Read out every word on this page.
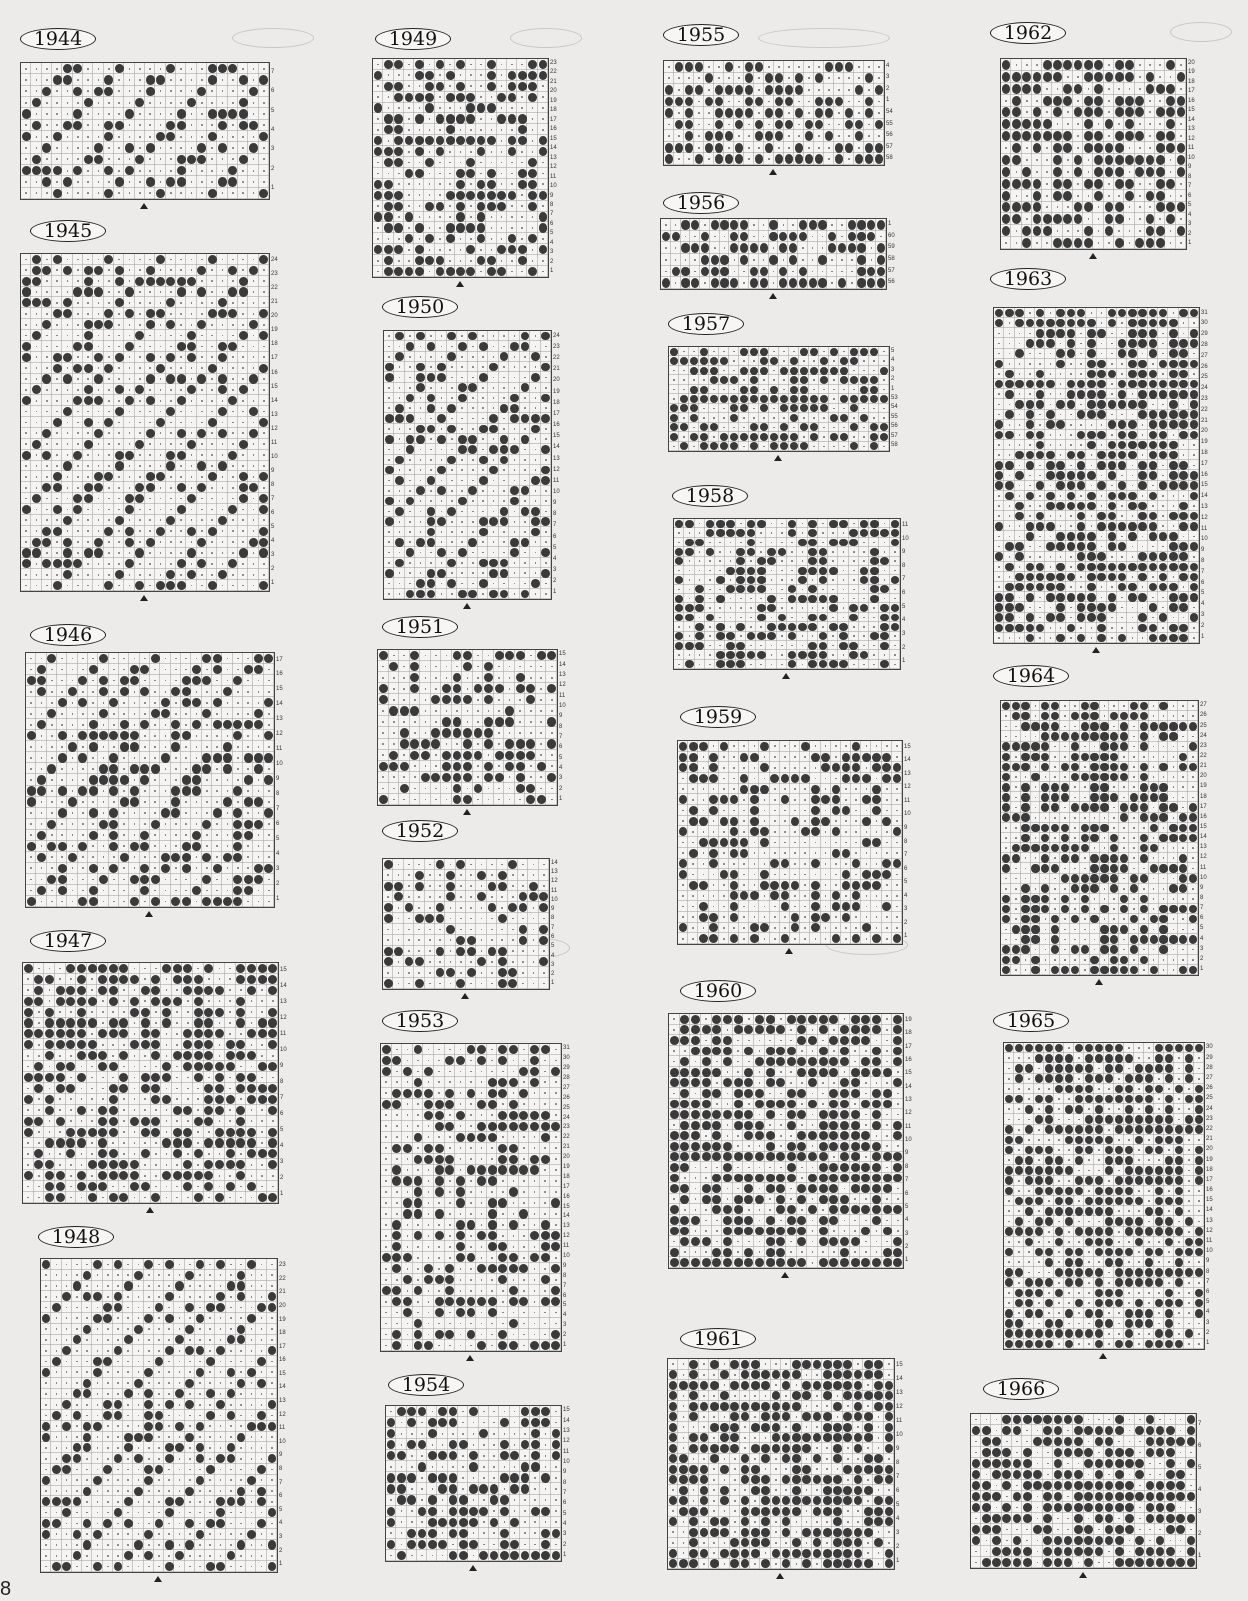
1944
1
2
3
4
5
6
7
1945
1
2
3
4
5
6
7
8
9
10
11
12
13
14
15
16
17
18
19
20
21
22
23
24
1946
1
2
3
4
5
6
7
8
9
10
11
12
13
14
15
16
17
1947
1
2
3
4
5
6
7
8
9
10
11
12
13
14
15
1948
1
2
3
4
5
6
7
8
9
10
11
12
13
14
15
16
17
18
19
20
21
22
23
1949
1
2
3
4
5
6
7
8
9
10
11
12
13
14
15
16
17
18
19
20
21
22
23
1950
1
2
3
4
5
6
7
8
9
10
11
12
13
14
15
16
17
18
19
20
21
22
23
24
1951
1
2
3
4
5
6
7
8
9
10
11
12
13
14
15
1952
1
2
3
4
5
6
7
8
9
10
11
12
13
14
1953
1
2
3
4
5
6
7
8
9
10
11
12
13
14
15
16
17
18
19
20
21
22
23
24
25
26
27
28
29
30
31
1954
1
2
3
4
5
6
7
8
9
10
11
12
13
14
15
1955
58
57
56
55
54
1
2
3
4
1956
56
57
58
59
60
1
1957
58
57
56
55
54
53
1
2
3
4
5
1958
1
2
3
4
5
6
7
8
9
10
11
1959
1
2
3
4
5
6
7
8
9
10
11
12
13
14
15
1960
1
2
3
4
5
6
7
8
9
10
11
12
13
14
15
16
17
18
19
1961
1
2
3
4
5
6
7
8
9
10
11
12
13
14
15
1962
1
2
3
4
5
6
7
8
9
10
11
12
13
14
15
16
17
18
19
20
1963
1
2
3
4
5
6
7
8
9
10
11
12
13
14
15
16
17
18
19
20
21
22
23
24
25
26
27
28
29
30
31
1964
1
2
3
4
5
6
7
8
9
10
11
12
13
14
15
16
17
18
19
20
21
22
23
24
25
26
27
1965
1
2
3
4
5
6
7
8
9
10
11
12
13
14
15
16
17
18
19
20
21
22
23
24
25
26
27
28
29
30
1966
1
2
3
4
5
6
7
8
